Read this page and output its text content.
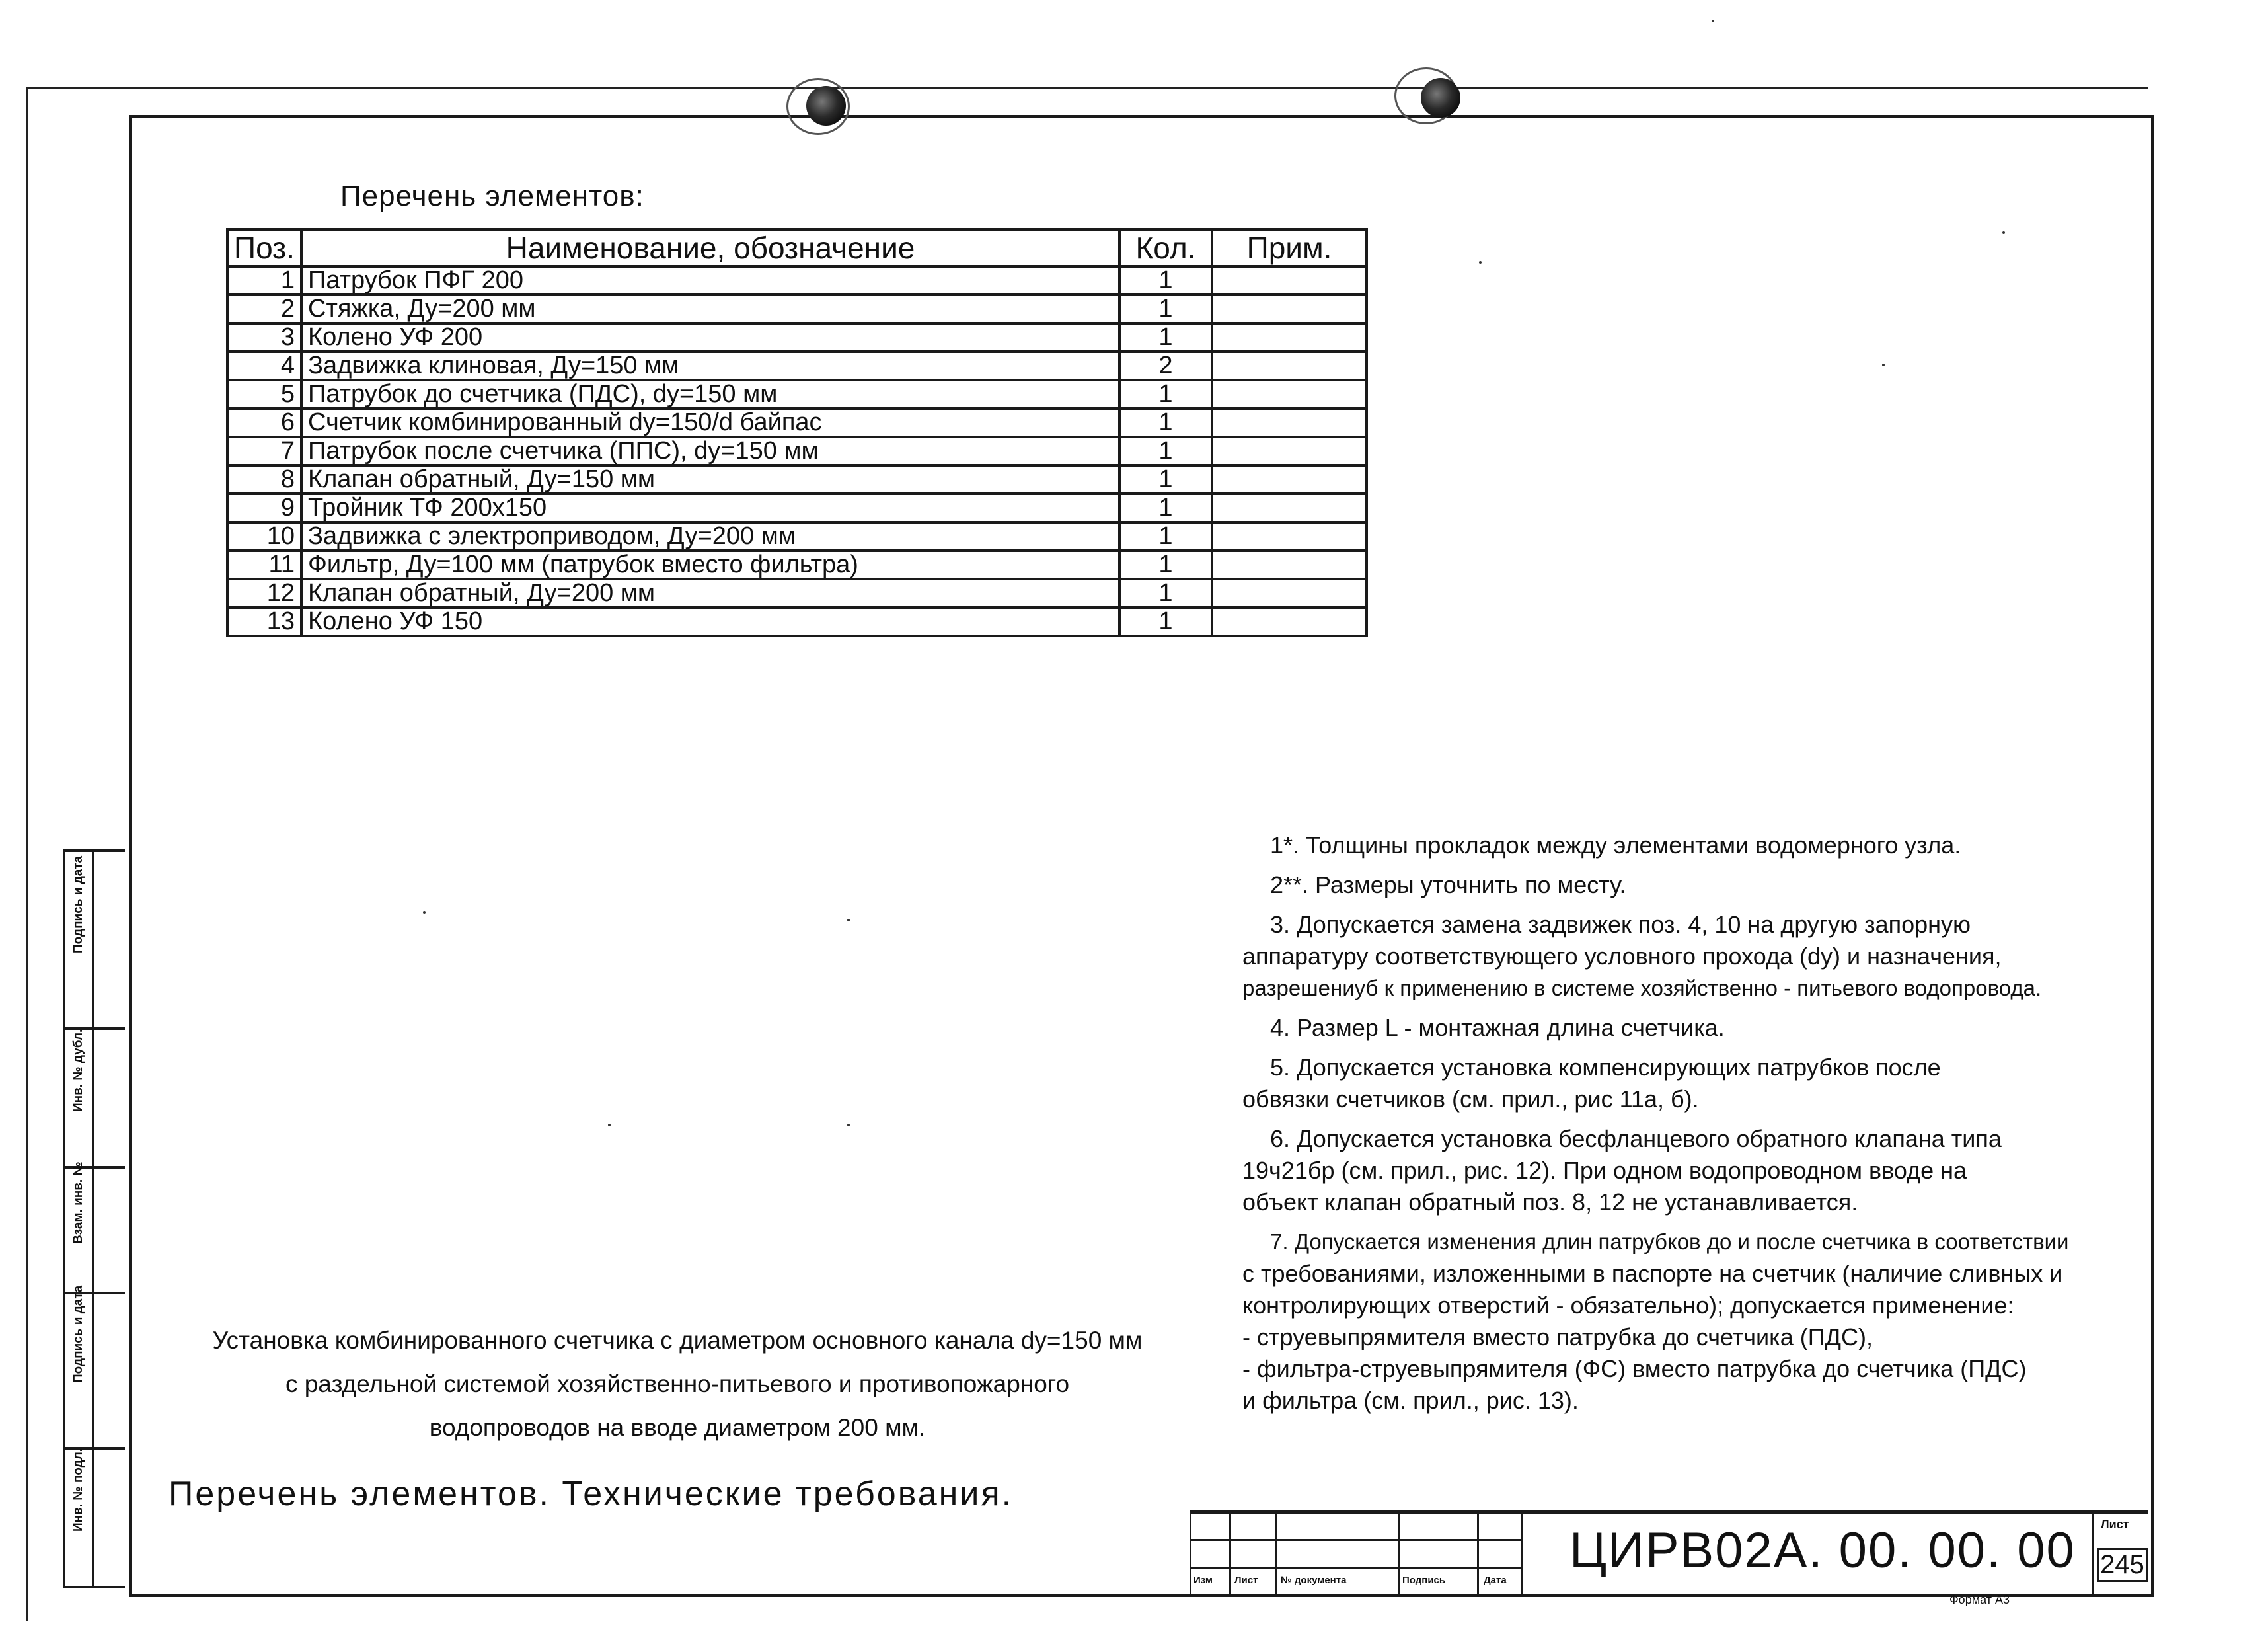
Перечень элементов:
Поз.	Наименование, обозначение	Кол.	Прим.
1	Патрубок ПФГ 200	1	
2	Стяжка, Ду=200 мм	1	
3	Колено УФ 200	1	
4	Задвижка клиновая, Ду=150 мм	2	
5	Патрубок до счетчика (ПДС), dy=150 мм	1	
6	Счетчик комбинированный dy=150/d байпас	1	
7	Патрубок после счетчика (ППС), dy=150 мм	1	
8	Клапан обратный, Ду=150 мм	1	
9	Тройник ТФ 200х150	1	
10	Задвижка с электроприводом, Ду=200 мм	1	
11	Фильтр, Ду=100 мм (патрубок вместо фильтра)	1	
12	Клапан обратный, Ду=200 мм	1	
13	Колено УФ 150	1	

1*. Толщины прокладок между элементами водомерного узла.

2**. Размеры уточнить по месту.

3. Допускается замена задвижек поз. 4, 10 на другую запорную

аппаратуру соответствующего условного прохода (dy) и назначения,

разрешениуб к применению в системе хозяйственно - питьевого водопровода.

4. Размер L - монтажная длина счетчика.

5. Допускается установка компенсирующих патрубков после

обвязки счетчиков (см. прил., рис 11а, б).

6. Допускается установка бесфланцевого обратного клапана типа

19ч21бр (см. прил., рис. 12). При одном водопроводном вводе на

объект клапан обратный поз. 8, 12 не устанавливается.

7. Допускается изменения длин патрубков до и после счетчика в соответствии

с требованиями, изложенными в паспорте на счетчик (наличие сливных и

контролирующих отверстий - обязательно); допускается применение:

- струевыпрямителя вместо патрубка до счетчика (ПДС),

- фильтра-струевыпрямителя (ФС) вместо патрубка до счетчика (ПДС)

и фильтра (см. прил., рис. 13).

Установка комбинированного счетчика с диаметром основного канала dy=150 мм
с раздельной системой хозяйственно-питьевого и противопожарного
водопроводов на вводе диаметром 200 мм.
Перечень элементов. Технические требования.
Подпись и дата
Инв. № дубл.
Взам. инв. №
Подпись и дата
Инв. № подл.
Изм Лист № документа	Подпись	Дата
ЦИРВ02А. 00. 00. 00 Лист
245
Формат А3
